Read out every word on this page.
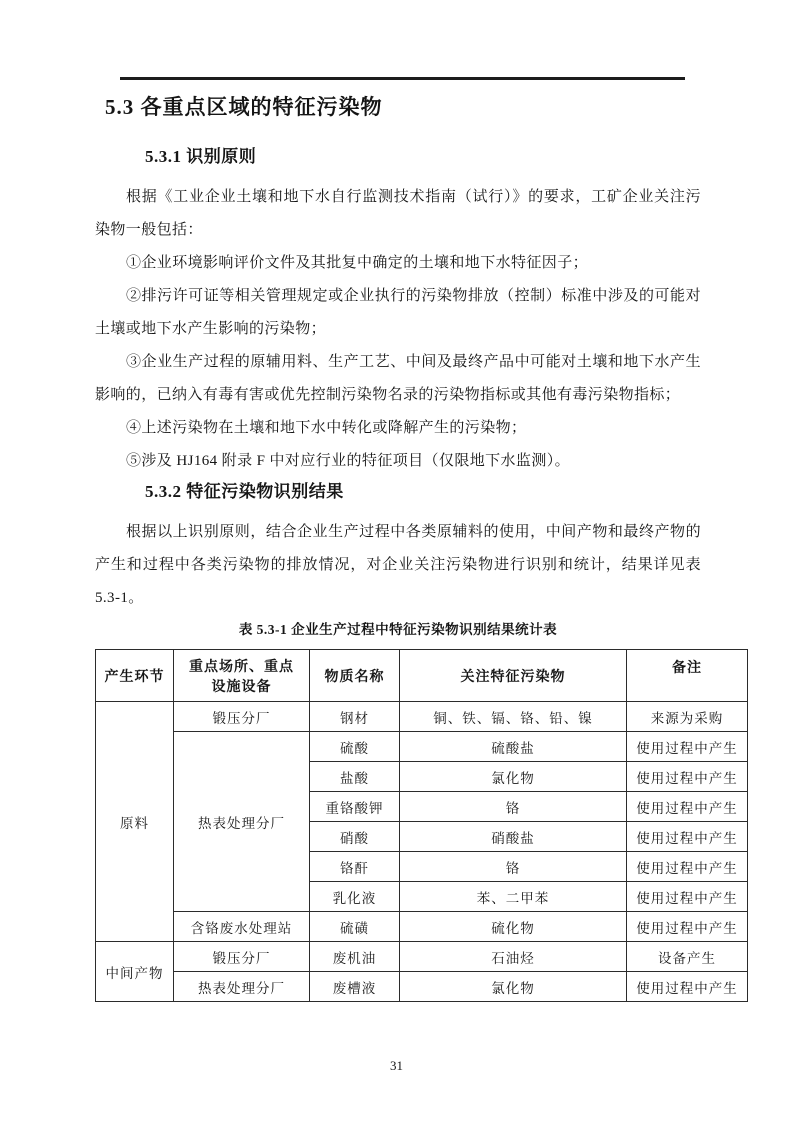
5.3 各重点区域的特征污染物
5.3.1 识别原则

根据《工业企业土壤和地下水自行监测技术指南（试行）》的要求，工矿企业关注污染物一般包括：

①企业环境影响评价文件及其批复中确定的土壤和地下水特征因子；

②排污许可证等相关管理规定或企业执行的污染物排放（控制）标准中涉及的可能对土壤或地下水产生影响的污染物；

③企业生产过程的原辅用料、生产工艺、中间及最终产品中可能对土壤和地下水产生影响的，已纳入有毒有害或优先控制污染物名录的污染物指标或其他有毒污染物指标；

④上述污染物在土壤和地下水中转化或降解产生的污染物；

⑤涉及 HJ164 附录 F 中对应行业的特征项目（仅限地下水监测）。

5.3.2 特征污染物识别结果

根据以上识别原则，结合企业生产过程中各类原辅料的使用，中间产物和最终产物的产生和过程中各类污染物的排放情况，对企业关注污染物进行识别和统计，结果详见表 5.3-1。

表 5.3-1 企业生产过程中特征污染物识别结果统计表
产生环节	重点场所、重点设施设备	物质名称	关注特征污染物	备注
原料	锻压分厂	钢材	铜、铁、镉、铬、铅、镍	来源为采购
	热表处理分厂	硫酸	硫酸盐	使用过程中产生
		盐酸	氯化物	使用过程中产生
		重铬酸钾	铬	使用过程中产生
		硝酸	硝酸盐	使用过程中产生
		铬酐	铬	使用过程中产生
		乳化液	苯、二甲苯	使用过程中产生
	含铬废水处理站	硫磺	硫化物	使用过程中产生
中间产物	锻压分厂	废机油	石油烃	设备产生
	热表处理分厂	废槽液	氯化物	使用过程中产生
31
